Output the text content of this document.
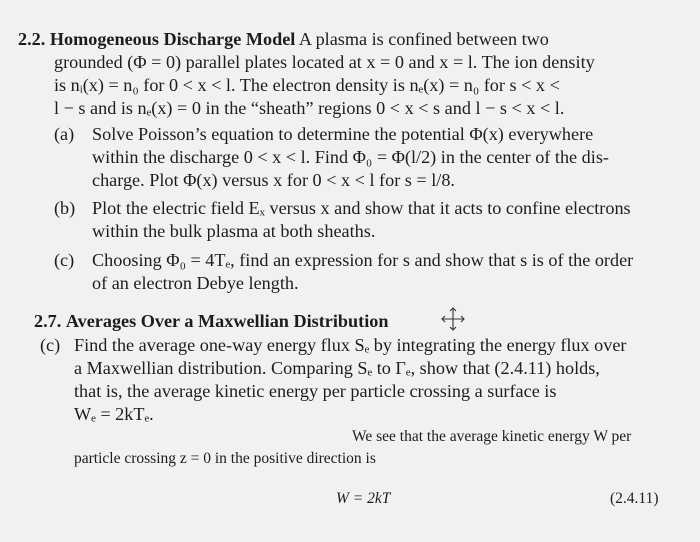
2.2. Homogeneous Discharge Model A plasma is confined between two
grounded (Φ = 0) parallel plates located at x = 0 and x = l. The ion density
is nᵢ(x) = n₀ for 0 < x < l. The electron density is nₑ(x) = n₀ for s < x <
l − s and is nₑ(x) = 0 in the “sheath” regions 0 < x < s and l − s < x < l.
(a) Solve Poisson’s equation to determine the potential Φ(x) everywhere
within the discharge 0 < x < l. Find Φ₀ = Φ(l/2) in the center of the dis-
charge. Plot Φ(x) versus x for 0 < x < l for s = l/8.
(b) Plot the electric field Eₓ versus x and show that it acts to confine electrons
within the bulk plasma at both sheaths.
(c) Choosing Φ₀ = 4Tₑ, find an expression for s and show that s is of the order
of an electron Debye length.
2.7. Averages Over a Maxwellian Distribution
(c) Find the average one-way energy flux Sₑ by integrating the energy flux over
a Maxwellian distribution. Comparing Sₑ to Γₑ, show that (2.4.11) holds,
that is, the average kinetic energy per particle crossing a surface is
Wₑ = 2kTₑ.
We see that the average kinetic energy W per
particle crossing z = 0 in the positive direction is
W = 2kT	(2.4.11)
